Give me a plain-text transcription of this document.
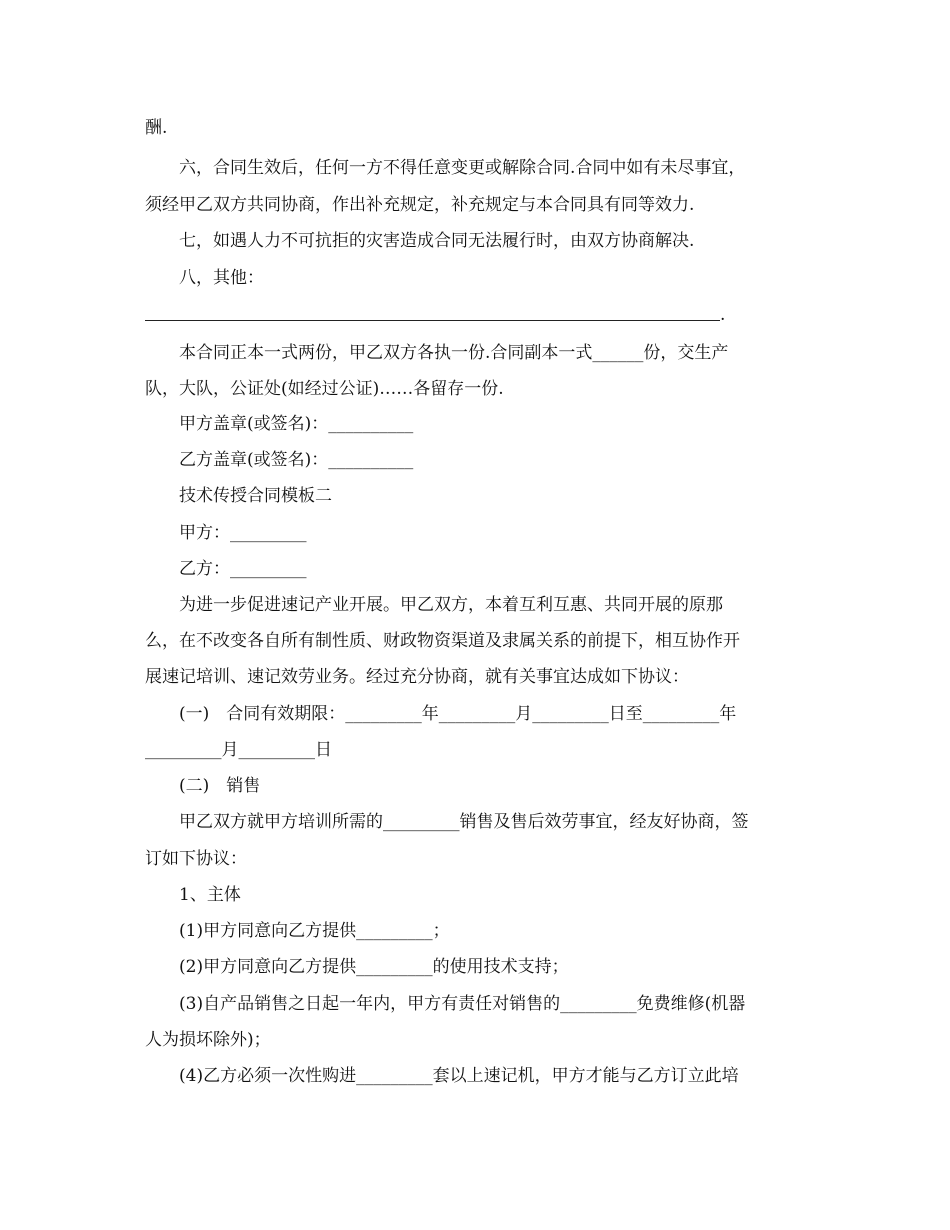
酬.
六，合同生效后，任何一方不得任意变更或解除合同.合同中如有未尽事宜，
须经甲乙双方共同协商，作出补充规定，补充规定与本合同具有同等效力.
七，如遇人力不可抗拒的灾害造成合同无法履行时，由双方协商解决.
八，其他：
.
本合同正本一式两份，甲乙双方各执一份.合同副本一式______份，交生产
队，大队，公证处(如经过公证)……各留存一份.
甲方盖章(或签名)：__________
乙方盖章(或签名)：__________
技术传授合同模板二
甲方：_________
乙方：_________
为进一步促进速记产业开展。甲乙双方，本着互利互惠、共同开展的原那
么，在不改变各自所有制性质、财政物资渠道及隶属关系的前提下，相互协作开
展速记培训、速记效劳业务。经过充分协商，就有关事宜达成如下协议：
(一)　合同有效期限：_________年_________月_________日至_________年
_________月_________日
(二)　销售
甲乙双方就甲方培训所需的_________销售及售后效劳事宜，经友好协商，签
订如下协议：
1、主体
(1)甲方同意向乙方提供_________；
(2)甲方同意向乙方提供_________的使用技术支持；
(3)自产品销售之日起一年内，甲方有责任对销售的_________免费维修(机器
人为损坏除外)；
(4)乙方必须一次性购进_________套以上速记机，甲方才能与乙方订立此培
